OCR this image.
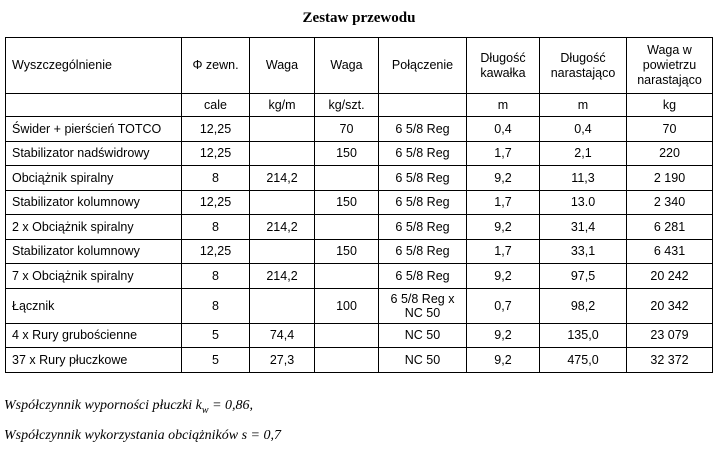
Zestaw przewodu
Wyszczególnienie	Φ zewn.	Waga	Waga	Połączenie	Długość kawałka	Długość narastająco	Waga w powietrzu narastająco
	cale	kg/m	kg/szt.		m	m	kg
Świder + pierścień TOTCO	12,25		70	6 5/8 Reg	0,4	0,4	70
Stabilizator nadświdrowy	12,25		150	6 5/8 Reg	1,7	2,1	220
Obciążnik spiralny	8	214,2		6 5/8 Reg	9,2	11,3	2 190
Stabilizator kolumnowy	12,25		150	6 5/8 Reg	1,7	13.0	2 340
2 x Obciążnik spiralny	8	214,2		6 5/8 Reg	9,2	31,4	6 281
Stabilizator kolumnowy	12,25		150	6 5/8 Reg	1,7	33,1	6 431
7 x Obciążnik spiralny	8	214,2		6 5/8 Reg	9,2	97,5	20 242
Łącznik	8		100	6 5/8 Reg x NC 50	0,7	98,2	20 342
4 x Rury grubościenne	5	74,4		NC 50	9,2	135,0	23 079
37 x Rury płuczkowe	5	27,3		NC 50	9,2	475,0	32 372
Współczynnik wyporności płuczki $k_w = 0,86$,
Współczynnik wykorzystania obciążników s = 0,7
